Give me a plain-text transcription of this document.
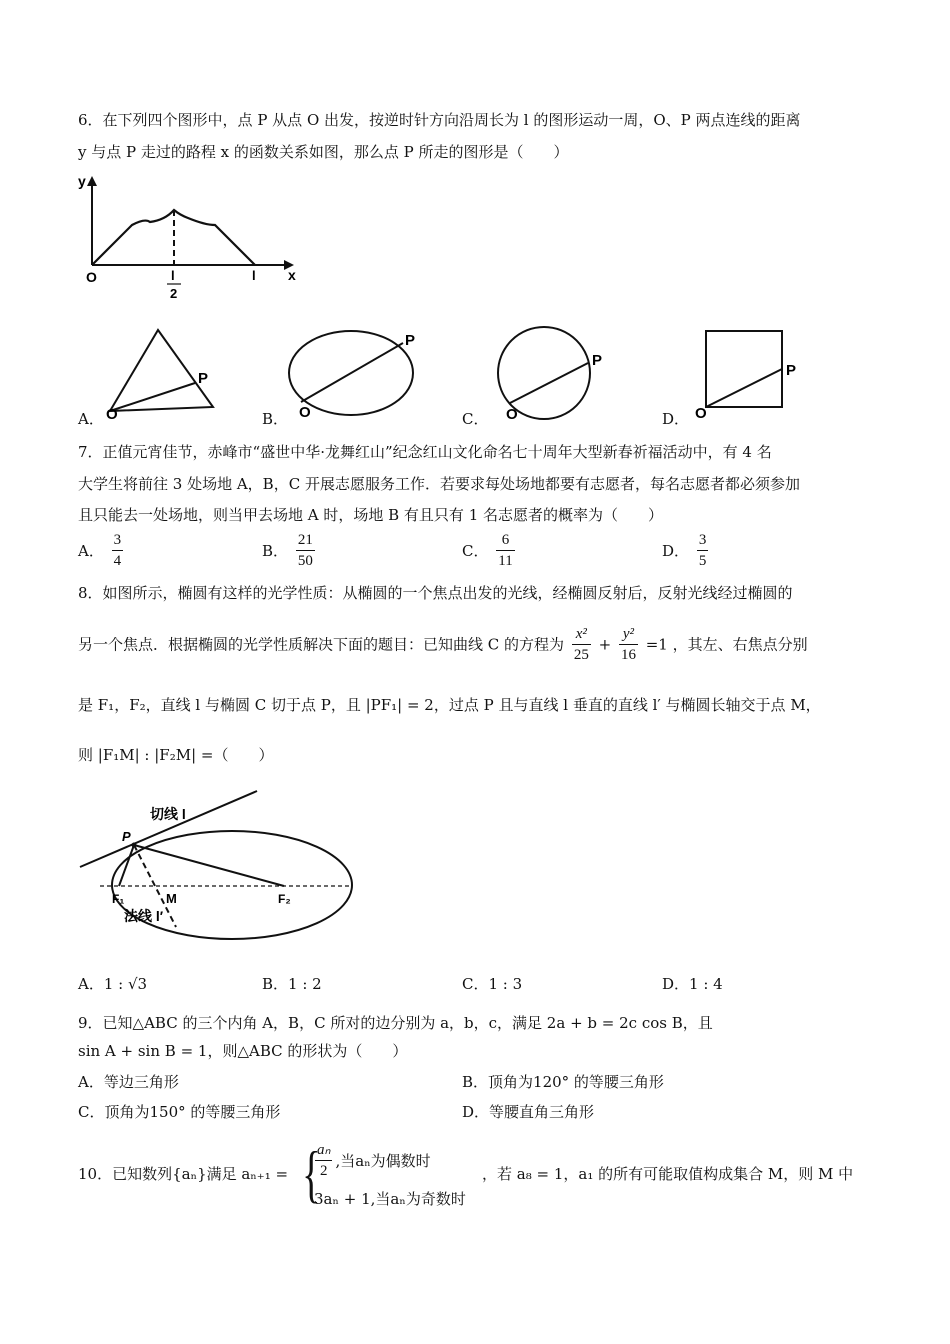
6．在下列四个图形中，点 P 从点 O 出发，按逆时针方向沿周长为 l 的图形运动一周，O、P 两点连线的距离
y 与点 P 走过的路程 x 的函数关系如图，那么点 P 所走的图形是（　　）
y
x
O	l
2
l
A． O
P
B． O
P
C． O
P
D． O
P
7．正值元宵佳节，赤峰市“盛世中华·龙舞红山”纪念红山文化命名七十周年大型新春祈福活动中，有 4 名
大学生将前往 3 处场地 A，B，C 开展志愿服务工作．若要求每处场地都要有志愿者，每名志愿者都必须参加
且只能去一处场地，则当甲去场地 A 时，场地 B 有且只有 1 名志愿者的概率为（　　）
A． $\frac{3}{4}$	B． $\frac{21}{50}$	C． $\frac{6}{11}$	D． $\frac{3}{5}$
8．如图所示，椭圆有这样的光学性质：从椭圆的一个焦点出发的光线，经椭圆反射后，反射光线经过椭圆的
另一个焦点．根据椭圆的光学性质解决下面的题目：已知曲线 C 的方程为 $\frac{\text{x²}}{25} + \frac{\text{y²}}{16} =1$ ，其左、右焦点分别
是 F₁，F₂，直线 l 与椭圆 C 切于点 P，且 |PF₁| = 2，过点 P 且与直线 l 垂直的直线 l′ 与椭圆长轴交于点 M，
则 |F₁M| : |F₂M| =（　　）
切线 l
P
F₁	M	F₂
法线 l′
A．1 : √3	B．1 : 2	C．1 : 3	D．1 : 4
9．已知△ABC 的三个内角 A，B，C 所对的边分别为 a，b，c，满足 2a + b = 2c cos B，且
sin A + sin B = 1，则△ABC 的形状为（　　）
A．等边三角形	B．顶角为120° 的等腰三角形
C．顶角为150° 的等腰三角形	D．等腰直角三角形
10．已知数列{aₙ}满足 aₙ₊₁ = {
$\frac{\text{aₙ}}{2}$ ,当aₙ为偶数时
3aₙ + 1,当aₙ为奇数时
，若 a₈ = 1，a₁ 的所有可能取值构成集合 M，则 M 中
